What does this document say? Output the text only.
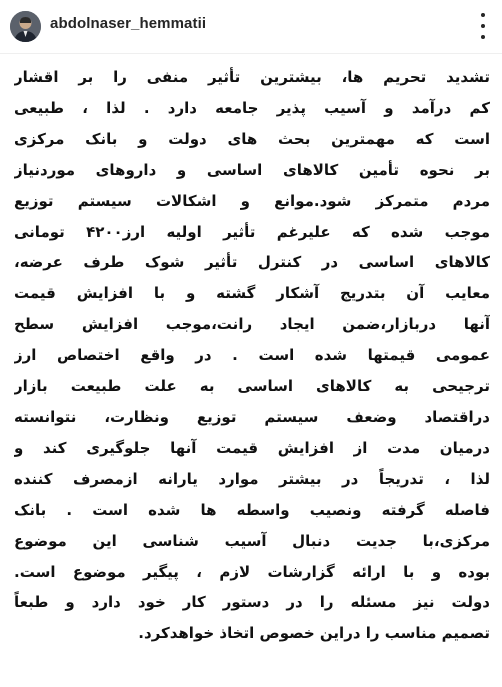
abdolnaser_hemmatii
تشدید تحریم ها، بیشترین تأثیر منفی را بر اقشار
کم درآمد و آسیب پذیر جامعه دارد . لذا ، طبیعی
است که مهمترین بحث های دولت و بانک مرکزی
بر نحوه تأمین کالاهای اساسی و داروهای موردنیاز
مردم متمرکز شود.موانع و اشکالات سیستم توزیع
موجب شده که علیرغم تأثیر اولیه ارز۴۲۰۰ تومانی
کالاهای اساسی در کنترل تأثیر شوک طرف عرضه،
معایب آن بتدریج آشکار گشته و با افزایش قیمت
آنها دربازار،ضمن ایجاد رانت،موجب افزایش سطح
عمومی قیمتها شده است . در واقع اختصاص ارز
ترجیحی به کالاهای اساسی به علت طبیعت بازار
دراقتصاد وضعف سیستم توزیع ونظارت، نتوانسته
درمیان مدت از افزایش قیمت آنها جلوگیری کند و
لذا ، تدریجاً در بیشتر موارد یارانه ازمصرف کننده
فاصله گرفته ونصیب واسطه ها شده است . بانک
مرکزی،با جدیت دنبال آسیب شناسی این موضوع
بوده و با ارائه گزارشات لازم ، پیگیر موضوع است.
دولت نیز مسئله را در دستور کار خود دارد و طبعاً
تصمیم مناسب را دراین خصوص اتخاذ خواهدکرد.
